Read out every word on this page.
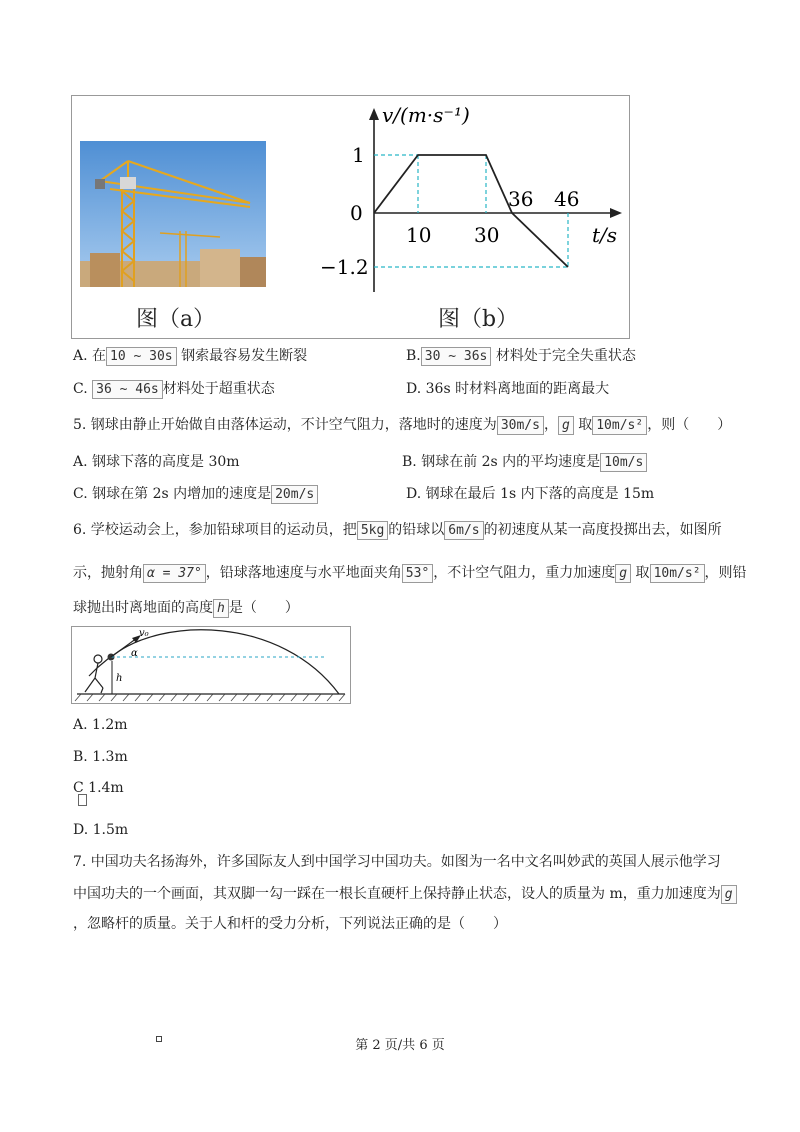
图（a）
v/(m·s⁻¹)
t/s
1
0
−1.2
10 30
36 46
图（b）
A. 在 10 ~ 30s 钢索最容易发生断裂	B. 30 ~ 36s 材料处于完全失重状态
C. 36 ~ 46s 材料处于超重状态	D. 36s 时材料离地面的距离最大
5. 钢球由静止开始做自由落体运动，不计空气阻力，落地时的速度为 30m/s ， g 取 10m/s² ，则（　　）
A. 钢球下落的高度是 30m	B. 钢球在前 2s 内的平均速度是 10m/s
C. 钢球在第 2s 内增加的速度是 20m/s	D. 钢球在最后 1s 内下落的高度是 15m
6. 学校运动会上，参加铅球项目的运动员，把 5kg 的铅球以 6m/s 的初速度从某一高度投掷出去，如图所
示，抛射角 α = 37° ，铅球落地速度与水平地面夹角 53° ，不计空气阻力，重力加速度 g 取 10m/s² ，则铅
球抛出时离地面的高度 h 是（　　）
v₀
α
h
A. 1.2m
B. 1.3m
C 1.4m
D. 1.5m
7. 中国功夫名扬海外，许多国际友人到中国学习中国功夫。如图为一名中文名叫妙武的英国人展示他学习
中国功夫的一个画面，其双脚一勾一踩在一根长直硬杆上保持静止状态，设人的质量为 m，重力加速度为 g
，忽略杆的质量。关于人和杆的受力分析，下列说法正确的是（　　）
第 2 页/共 6 页
